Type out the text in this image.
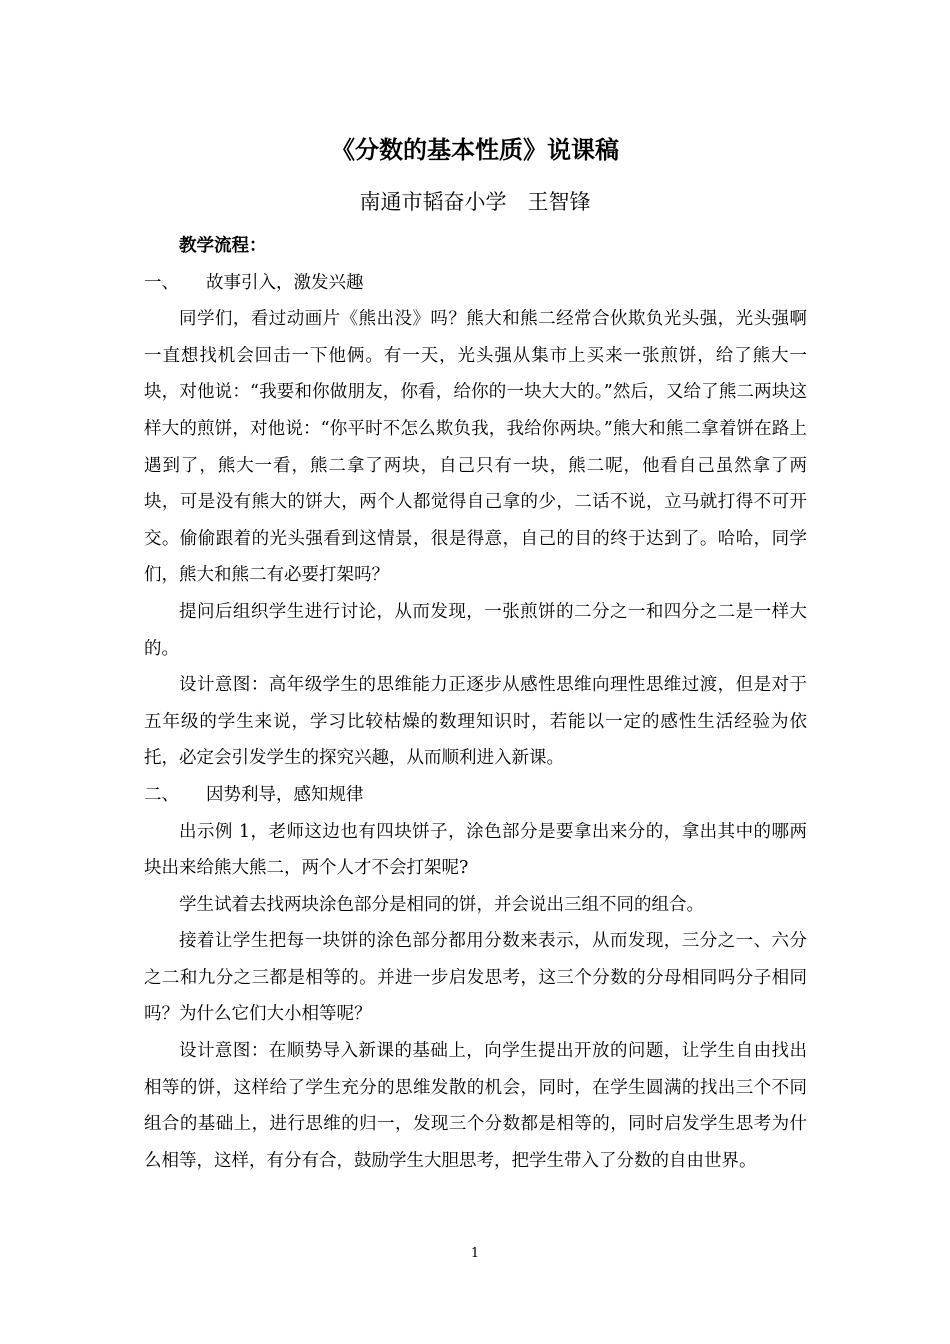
《分数的基本性质》说课稿
南通市韬奋小学　王智锋

教学流程：

一、	故事引入，激发兴趣

同学们，看过动画片《熊出没》吗？熊大和熊二经常合伙欺负光头强，光头强啊一直想找机会回击一下他俩。有一天，光头强从集市上买来一张煎饼，给了熊大一块，对他说：“我要和你做朋友，你看，给你的一块大大的。”然后，又给了熊二两块这样大的煎饼，对他说：“你平时不怎么欺负我，我给你两块。”熊大和熊二拿着饼在路上遇到了，熊大一看，熊二拿了两块，自己只有一块，熊二呢，他看自己虽然拿了两块，可是没有熊大的饼大，两个人都觉得自己拿的少，二话不说，立马就打得不可开交。偷偷跟着的光头强看到这情景，很是得意，自己的目的终于达到了。哈哈，同学们，熊大和熊二有必要打架吗？

提问后组织学生进行讨论，从而发现，一张煎饼的二分之一和四分之二是一样大的。

设计意图：高年级学生的思维能力正逐步从感性思维向理性思维过渡，但是对于五年级的学生来说，学习比较枯燥的数理知识时，若能以一定的感性生活经验为依托，必定会引发学生的探究兴趣，从而顺利进入新课。

二、	因势利导，感知规律

出示例 1，老师这边也有四块饼子，涂色部分是要拿出来分的，拿出其中的哪两块出来给熊大熊二，两个人才不会打架呢?

学生试着去找两块涂色部分是相同的饼，并会说出三组不同的组合。

接着让学生把每一块饼的涂色部分都用分数来表示，从而发现，三分之一、六分之二和九分之三都是相等的。并进一步启发思考，这三个分数的分母相同吗分子相同吗？为什么它们大小相等呢？

设计意图：在顺势导入新课的基础上，向学生提出开放的问题，让学生自由找出相等的饼，这样给了学生充分的思维发散的机会，同时，在学生圆满的找出三个不同组合的基础上，进行思维的归一，发现三个分数都是相等的，同时启发学生思考为什么相等，这样，有分有合，鼓励学生大胆思考，把学生带入了分数的自由世界。

1
